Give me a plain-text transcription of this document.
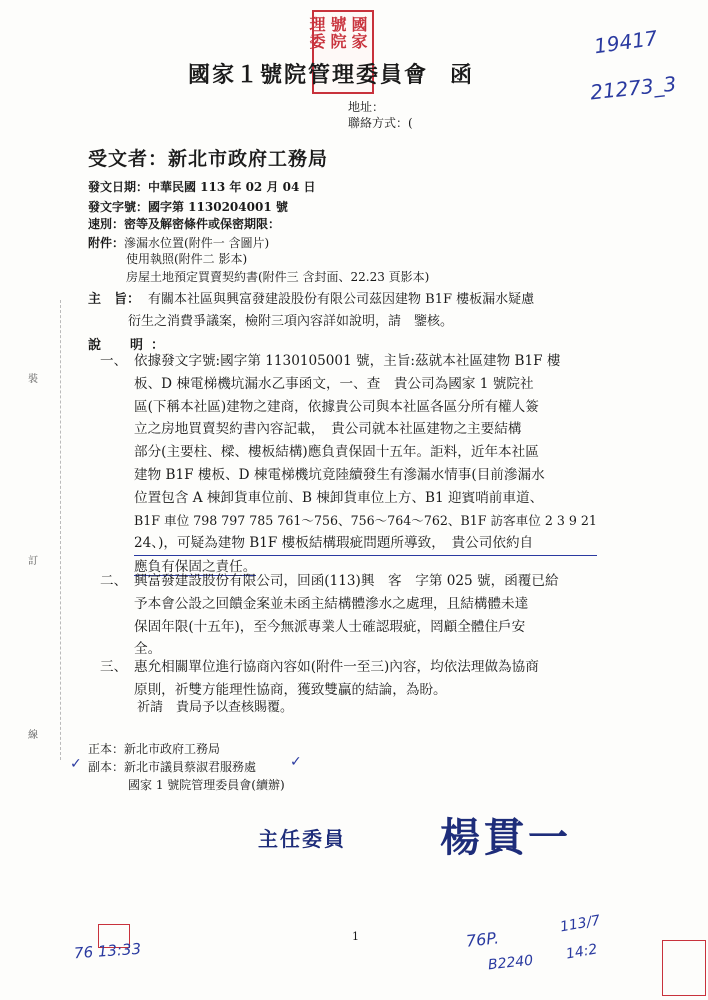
國家
號院
理委
國家１號院管理委員會 函
地址：
聯絡方式：(
19417
21273_3
受文者：新北市政府工務局
發文日期：中華民國 113 年 02 月 04 日
發文字號：國字第 1130204001 號
速別：密等及解密條件或保密期限：
附件：滲漏水位置(附件一 含圖片)
使用執照(附件二 影本)
房屋土地預定買賣契約書(附件三 含封面、22.23 頁影本)
主　旨： 有關本社區與興富發建設股份有限公司茲因建物 B1F 樓板漏水疑慮
衍生之消費爭議案，檢附三項內容詳如說明，請　鑒核。
說　明：
一、 依據發文字號:國字第 1130105001 號，主旨:茲就本社區建物 B1F 樓
板、D 棟電梯機坑漏水乙事函文，一、查　貴公司為國家 1 號院社
區(下稱本社區)建物之建商，依據貴公司與本社區各區分所有權人簽
立之房地買賣契約書內容記載，　貴公司就本社區建物之主要結構
部分(主要柱、樑、樓板結構)應負責保固十五年。詎料，近年本社區
建物 B1F 樓板、D 棟電梯機坑竟陸續發生有滲漏水情事(目前滲漏水
位置包含 A 棟卸貨車位前、B 棟卸貨車位上方、B1 迎賓哨前車道、
B1F 車位 798 797 785 761～756、756～764～762、B1F 訪客車位 2 3 9 21
24、)，可疑為建物 B1F 樓板結構瑕疵問題所導致，　貴公司依約自
應負有保固之責任。
二、 興富發建設股份有限公司，回函(113)興　客　字第 025 號，函覆已給
予本會公設之回饋金案並未函主結構體滲水之處理，且結構體未達
保固年限(十五年)，至今無派專業人士確認瑕疵，罔顧全體住戶安
全。
三、 惠允相關單位進行協商內容如(附件一至三)內容，均依法理做為協商
原則，祈雙方能理性協商，獲致雙贏的結論，為盼。
祈請　貴局予以查核賜覆。
正本：新北市政府工務局
✓ 副本：新北市議員蔡淑君服務處 ✓
國家 1 號院管理委員會(續辦)
主任委員 楊貫一
裝
訂
線
1
76 13:33
76P.
B2240
113/7
14:2
